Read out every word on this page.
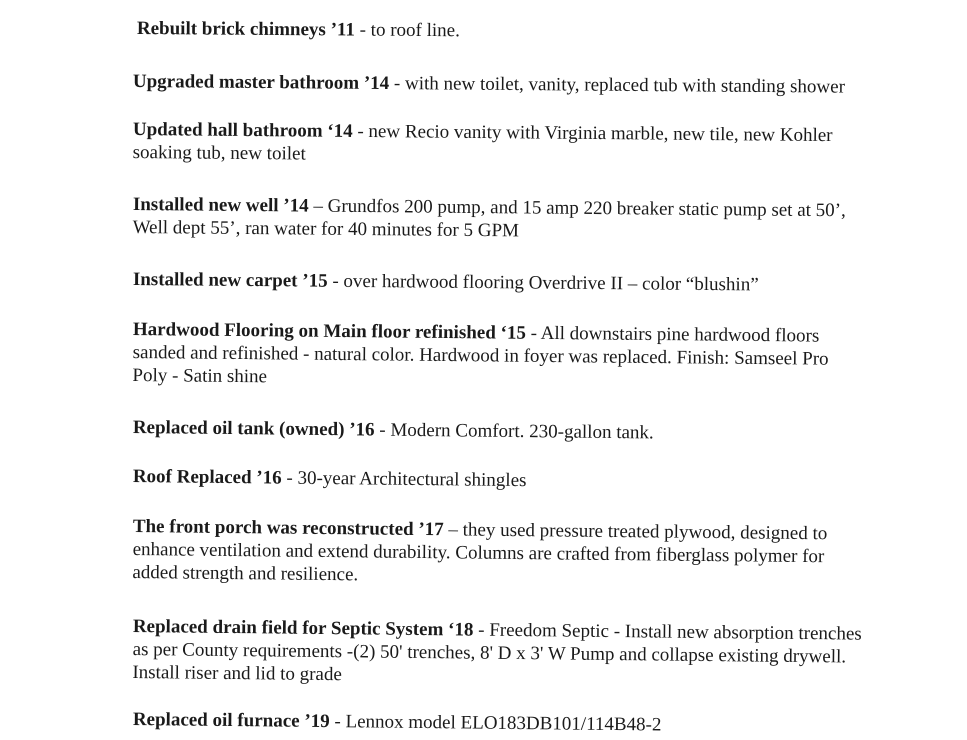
Rebuilt brick chimneys ’11 - to roof line.
Upgraded master bathroom ’14 - with new toilet, vanity, replaced tub with standing shower
Updated hall bathroom ‘14 - new Recio vanity with Virginia marble, new tile, new Kohler
soaking tub, new toilet
Installed new well ’14 – Grundfos 200 pump, and 15 amp 220 breaker static pump set at 50’,
Well dept 55’, ran water for 40 minutes for 5 GPM
Installed new carpet ’15 - over hardwood flooring Overdrive II – color “blushin”
Hardwood Flooring on Main floor refinished ‘15 - All downstairs pine hardwood floors
sanded and refinished - natural color. Hardwood in foyer was replaced. Finish: Samseel Pro
Poly - Satin shine
Replaced oil tank (owned) ’16 - Modern Comfort. 230-gallon tank.
Roof Replaced ’16 - 30-year Architectural shingles
The front porch was reconstructed ’17 – they used pressure treated plywood, designed to
enhance ventilation and extend durability. Columns are crafted from fiberglass polymer for
added strength and resilience.
Replaced drain field for Septic System ‘18 - Freedom Septic - Install new absorption trenches
as per County requirements -(2) 50' trenches, 8' D x 3' W Pump and collapse existing drywell.
Install riser and lid to grade
Replaced oil furnace ’19 - Lennox model ELO183DB101/114B48-2
